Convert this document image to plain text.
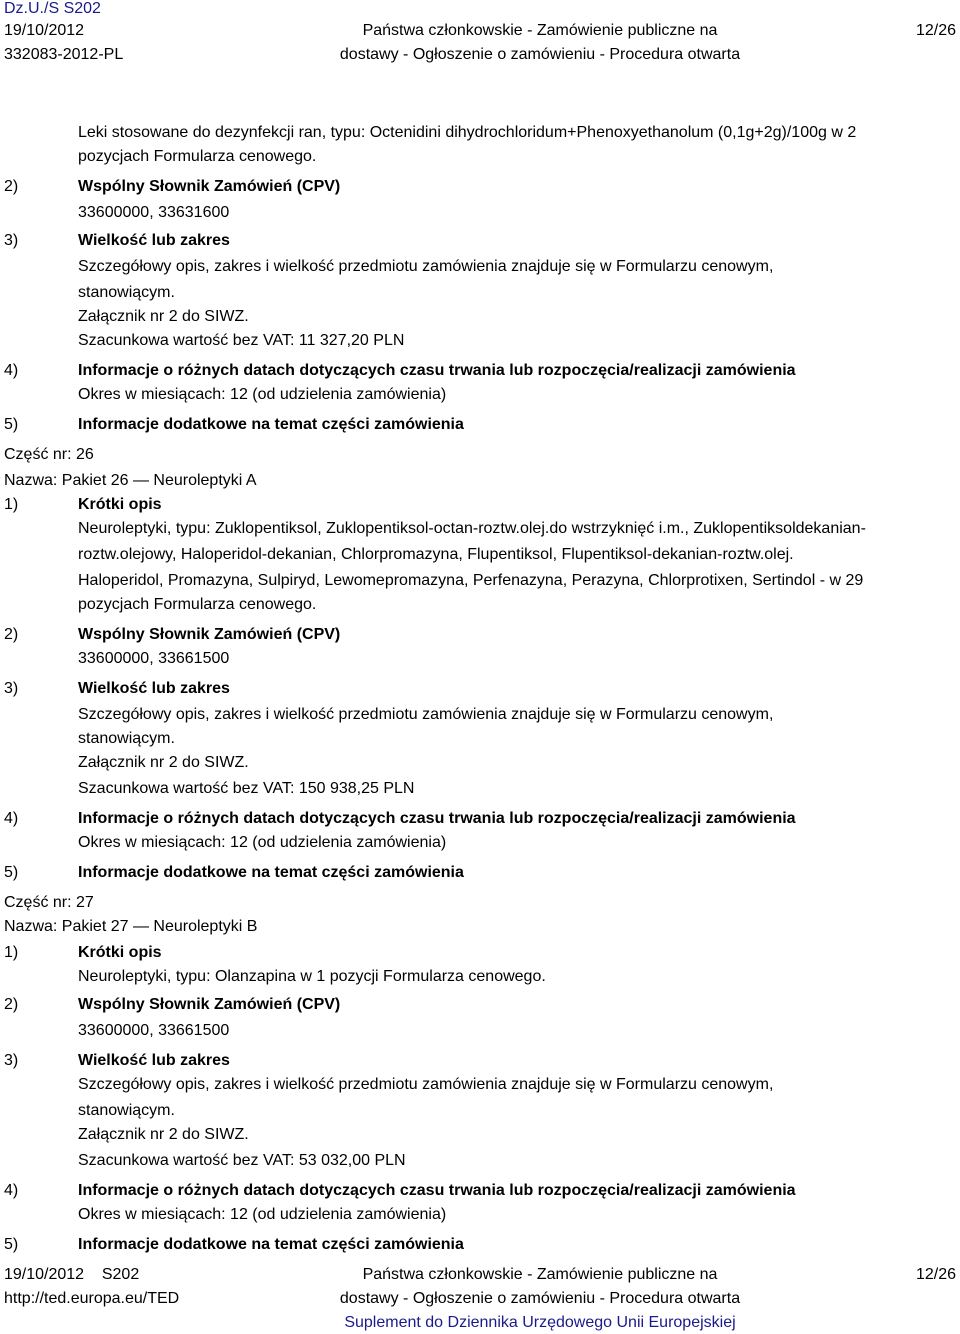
Dz.U./S S202
19/10/2012
332083-2012-PL
Państwa członkowskie - Zamówienie publiczne na
dostawy - Ogłoszenie o zamówieniu - Procedura otwarta
12/26
Leki stosowane do dezynfekcji ran, typu: Octenidini dihydrochloridum+Phenoxyethanolum (0,1g+2g)/100g w 2
pozycjach Formularza cenowego.
2)	Wspólny Słownik Zamówień (CPV)
33600000, 33631600
3)	Wielkość lub zakres
Szczegółowy opis, zakres i wielkość przedmiotu zamówienia znajduje się w Formularzu cenowym,
stanowiącym.
Załącznik nr 2 do SIWZ.
Szacunkowa wartość bez VAT: 11 327,20 PLN
4)	Informacje o różnych datach dotyczących czasu trwania lub rozpoczęcia/realizacji zamówienia
Okres w miesiącach: 12 (od udzielenia zamówienia)
5)	Informacje dodatkowe na temat części zamówienia
Część nr: 26
Nazwa: Pakiet 26 — Neuroleptyki A
1)	Krótki opis
Neuroleptyki, typu: Zuklopentiksol, Zuklopentiksol-octan-roztw.olej.do wstrzyknięć i.m., Zuklopentiksoldekanian-
roztw.olejowy, Haloperidol-dekanian, Chlorpromazyna, Flupentiksol, Flupentiksol-dekanian-roztw.olej.
Haloperidol, Promazyna, Sulpiryd, Lewomepromazyna, Perfenazyna, Perazyna, Chlorprotixen, Sertindol - w 29
pozycjach Formularza cenowego.
2)	Wspólny Słownik Zamówień (CPV)
33600000, 33661500
3)	Wielkość lub zakres
Szczegółowy opis, zakres i wielkość przedmiotu zamówienia znajduje się w Formularzu cenowym,
stanowiącym.
Załącznik nr 2 do SIWZ.
Szacunkowa wartość bez VAT: 150 938,25 PLN
4)	Informacje o różnych datach dotyczących czasu trwania lub rozpoczęcia/realizacji zamówienia
Okres w miesiącach: 12 (od udzielenia zamówienia)
5)	Informacje dodatkowe na temat części zamówienia
Część nr: 27
Nazwa: Pakiet 27 — Neuroleptyki B
1)	Krótki opis
Neuroleptyki, typu: Olanzapina w 1 pozycji Formularza cenowego.
2)	Wspólny Słownik Zamówień (CPV)
33600000, 33661500
3)	Wielkość lub zakres
Szczegółowy opis, zakres i wielkość przedmiotu zamówienia znajduje się w Formularzu cenowym,
stanowiącym.
Załącznik nr 2 do SIWZ.
Szacunkowa wartość bez VAT: 53 032,00 PLN
4)	Informacje o różnych datach dotyczących czasu trwania lub rozpoczęcia/realizacji zamówienia
Okres w miesiącach: 12 (od udzielenia zamówienia)
5)	Informacje dodatkowe na temat części zamówienia
19/10/2012    S202
http://ted.europa.eu/TED
Państwa członkowskie - Zamówienie publiczne na
dostawy - Ogłoszenie o zamówieniu - Procedura otwarta
Suplement do Dziennika Urzędowego Unii Europejskiej
12/26
